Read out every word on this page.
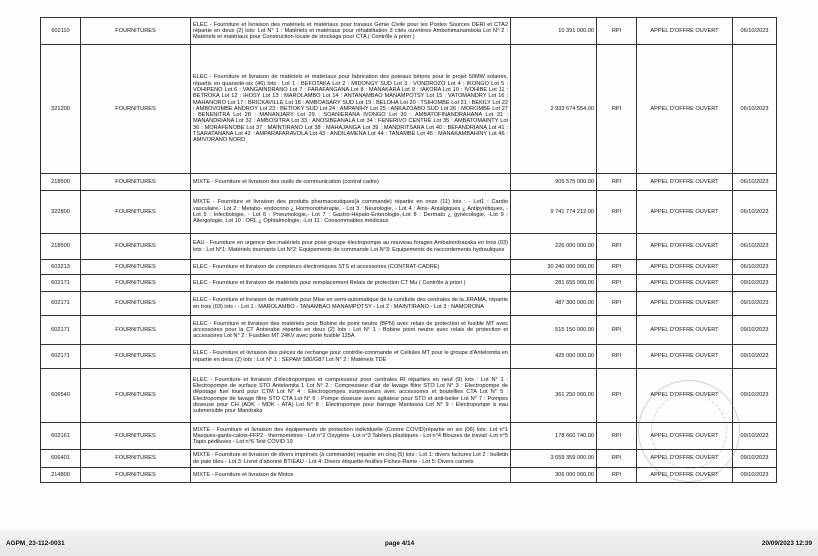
602110	FOURNITURES	ELEC - Fourniture et livraison des matériels et matériaux pour travaux Génie Civile pour les Postes Sources DERI et CTA2 répartie en deux (2) lots: Lot N° 1 : Matériels et matériaux pour réhabilitation 3 cités ouvrières Ambohimanambola Lot N° 2 : Matériels et matériaux pour Construction locale de stockage pour CTA ( Contrôle à priori )	10 391 000.00	RPI	APPEL D'OFFRE OUVERT	06/10/2023
321200	FOURNITURES	ELEC - Fourniture et livraison de matériels et matériaux pour fabrication des poteaux bétons pour le projet 50MW solaires, répartis en quarante-six (46) lots : Lot 1 : BEFOTAKA Lot 2 : MIDONGY SUD Lot 3 : VONDROZO Lot 4 : IKONGO Lot 5 : VOHIPENO Lot 6 : VANGAINDRANO Lot 7 : FARAFANGANA Lot 8 : MANAKARA Lot 9 : IAKORA Lot 10 : IVOHIBE Lot 11 : BETROKA Lot 12 : IHOSY Lot 13 : MAROLAMBO Lot 14 : ANTANAMBAO MANAMPOTSY Lot 15 : VATOMANDRY Lot 16 : MAHANORO Lot 17 : BRICKAVILLE Lot 18 : AMBOASARY SUD Lot 19 : BELOHA Lot 20 : TSIHOMBE Lot 21 : BEKILY Lot 22 : AMBOVOMBE ANDROY Lot 23 : BETIOKY SUD Lot 24 : AMPANIHY Lot 25 : ANKAZOABO SUD Lot 26 : MOROMBE Lot 27 : BENENITRA Lot 28 : MANANJARY Lot 29 : SOANIERANA IVONGO Lot 30 : AMBATOFINANDRAHANA Lot 31 : MANANDRIANA Lot 32 : AMBOSITRA Lot 33 : ANOSIBEANALA Lot 34 : FENERIVO CENTRE Lot 35 : AMBATOMAINTY Lot 36 : MORAFENOBE Lot 37 : MAINTIRANO Lot 38 : MAHAJANGA Lot 39 : MANDRITSARA Lot 40 : BEFANDRIANA Lot 41 : TSARATANANA Lot 42 : AMPARAFARAVOLA Lot 43 : ANDILAMENA Lot 44 : TANAMBE Lot 45 : MANAKAMBAHINY Lot 46 : AMIVORANO NORD	2 933 674 554.00	RPI	APPEL D'OFFRE OUVERT	06/10/2023
218500	FOURNITURES	MIXTE - Fourniture et livraison des outils de communication (contrat cadre)	905 575 000.00	RPI	APPEL D'OFFRE OUVERT	06/10/2023
322800	FOURNITURES	MIXTE - Fourniture et livraison des produits pharmaceutiques(à commande) répartie en onze (11) lots : - Lot1 : Cardio vasculaire,- Lot 2 : Metabo- endocrino ¿ Hormonothérapie, - Lot 3 : Neurologie, - Lot 4 : Ains- Antalgiques ¿ Antipyrétiques, - Lot 5 : Infectiologie, - Lot 6 : Pneumologie,- Lot 7 : Gastro-Hépato-Enterologie,-Lot 8 : Dermato ¿ gynécologie, -Lot 9 : Allergologie, Lot 10 : ORL ¿ Ophtalmologie, -Lot 11 : Consommables médicaux	9 741 774 212.00	RPI	APPEL D'OFFRE OUVERT	06/10/2023
218500	FOURNITURES	EAU - Fourniture en urgence des matériels pour pose groupe électropompe au nouveau forages Ambatondrazaka en trois (03) lots : Lot N°1: Matériels tournants Lot N°2: Equipements de commande Lot N°3: Equipements de raccordements hydrauliques	226 000 000.00	RPI	APPEL D'OFFRE OUVERT	06/10/2023
603213	FOURNITURES	ELEC - Fourniture et livraison de compteurs électroniques STS et accessoires (CONTRAT-CADRE)	30 240 000 000.00	RPI	APPEL D'OFFRE OUVERT	06/10/2023
602171	FOURNITURES	ELEC - Fourniture et livraison de matériels pour remplacement Relais de protection CT Mu ( Contrôle à priori )	281 655 000.00	RPI	APPEL D'OFFRE OUVERT	09/10/2023
602171	FOURNITURES	ELEC - Fourniture et livraison de matériels pour Mise en semi-automatique de la conduite des centrales de la JIRAMA, répartie en trois (03) lots : - Lot 1 : MAROLAMBO - TANAMBAO MANAMPOTSY - Lot 2 : MAINTIRANO - Lot 3 : NAMORONA	487 300 000.00	RPI	APPEL D'OFFRE OUVERT	09/10/2023
602171	FOURNITURES	ELEC - Fourniture et livraison des matériels pour Bobine de point neutre (BPN) avec relais de protection et fusible MT avec accessoires pour la CT Antsirabe répartie en deux (2) lots : Lot N° 1 : Bobine point neutre avec relais de protection et accessoires Lot N° 2 : Fusibles MT 24KV avec porte fusible 125A	515 150 000.00	RPI	APPEL D'OFFRE OUVERT	09/10/2023
602171	FOURNITURES	ELEC - Fourniture et livraison des pièces de rechange pour contrôle-commande et Cellules MT pour le groupe d'Antelomita en répartie en deux (2) lots : Lot N° 1 : SEPAM S80/G87 Lot N° 2 : Matériels TDE	425 000 000.00	RPI	APPEL D'OFFRE OUVERT	09/10/2023
606540	FOURNITURES	ELEC - Fourniture et livraison d'électropompes et compresseur pour centrales RI réparties en neuf (9) lots : Lot N° 1 : Electropompe de surface STO Antelomita 1 Lot N° 2 : Compresseur d'air de lavage filtre STO Lot N° 3 : Electropompe de dépotage fuel lourd pour CTM Lot N° 4 : Electropompes surpresseurs avec accessoires et boutellies CTA Lot N° 5 : Electropompe de lavage filtre STO CTA Lot N° 6 : Pompe doseuse avec agitateur pour STO et anti-belier Lot N° 7 : Pompes doseuse pour CH (ADK - MDK - ATA) Lot N° 8 : Electropompe pour barrage Mantasoa Lot N° 9 : Electropompe à eau submersible pour Mandraka	361 250 000.00	RPI	APPEL D'OFFRE OUVERT	09/10/2023
602161	FOURNITURES	MIXTE - Fourniture et livraison des équipements de protection individuelle (Contre COVID)répartie en six (06) lots: Lot n°1 Masques-gants-calots-FFP2 - thermomètres - Lot n°2 Oxygène -Lot n°3 Tabliers plastiques - Lot n°4 Blouses de travail -Lot n°5 Tapis pédiluves - Lot n°6 Test COVID 19	178 660 740.00	RPI	APPEL D'OFFRE OUVERT	09/10/2023
606401	FOURNITURES	MIXTE - Fourniture et livraison de divers imprimés (à commande) repartie en cinq (5) lots : Lot 1: divers factures Lot 2 : bulletin de paie bleu - Lot 3: Livret d'abonné BT/EAU - Lot 4: Divers étiquette-feuilles Fiches-Rame - Lot 5: Divers carnets	3 659 359 000.00	RPI	APPEL D'OFFRE OUVERT	09/10/2023
214800	FOURNITURES	MIXTE - Fourniture et livraison de Motos	306 000 000.00	RPI	APPEL D'OFFRE OUVERT	09/10/2023
AGPM_23-112-0031	page 4/14	20/09/2023 12:39
